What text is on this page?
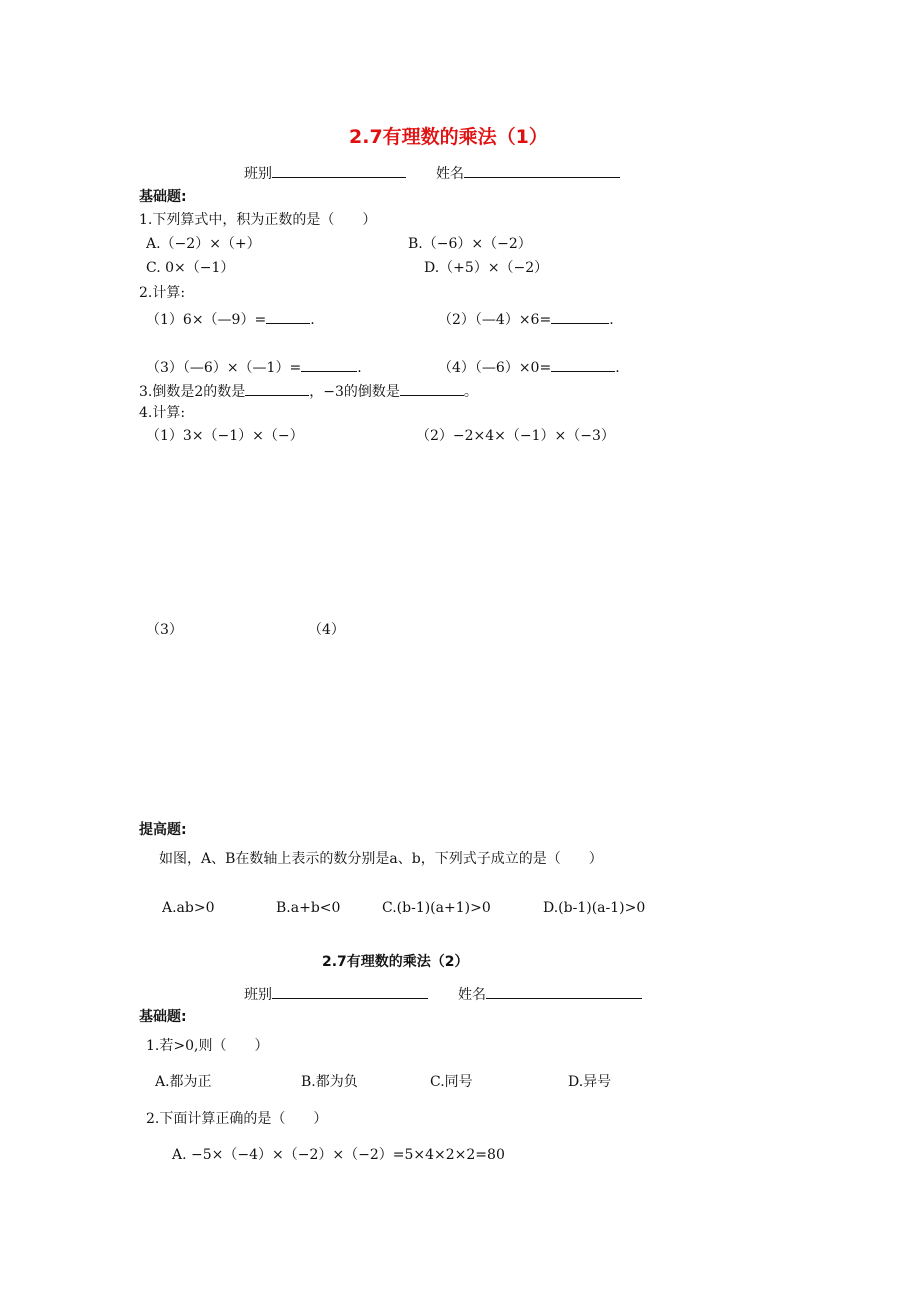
2.7有理数的乘法（1）
班别	姓名
基础题:
1.下列算式中，积为正数的是（　　）
A.（−2）×（+）	B.（−6）×（−2）
C. 0×（−1）	D.（+5）×（−2）
2.计算:
（1）6×（—9）=	.	（2）（—4）×6=	.
（3）（—6）×（—1）=	.	（4）（—6）×0=	.
3.倒数是2的数是	，−3的倒数是	。
4.计算:
（1）3×（−1）×（−）	（2）−2×4×（−1）×（−3）
（3）	（4）
提高题:
如图，A、B在数轴上表示的数分别是a、b，下列式子成立的是（　　）
A.ab>0	B.a+b<0	C.(b-1)(a+1)>0	D.(b-1)(a-1)>0
2.7有理数的乘法（2）
班别	姓名
基础题:
1.若>0,则（　　）
A.都为正	B.都为负	C.同号	D.异号
2.下面计算正确的是（　　）
A. −5×（−4）×（−2）×（−2）=5×4×2×2=80
